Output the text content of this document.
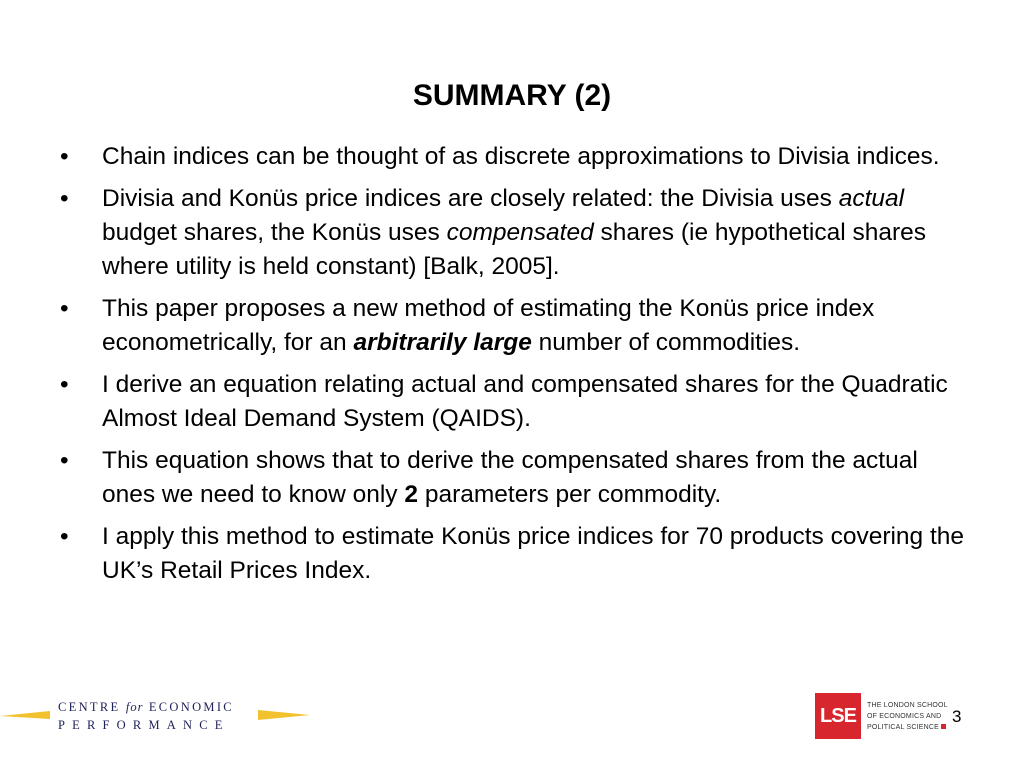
SUMMARY (2)
• Chain indices can be thought of as discrete approximations to Divisia indices.
• Divisia and Konüs price indices are closely related: the Divisia uses actual budget shares, the Konüs uses compensated shares (ie hypothetical shares where utility is held constant) [Balk, 2005].
• This paper proposes a new method of estimating the Konüs price index econometrically, for an arbitrarily large number of commodities.
• I derive an equation relating actual and compensated shares for the Quadratic Almost Ideal Demand System (QAIDS).
• This equation shows that to derive the compensated shares from the actual ones we need to know only 2 parameters per commodity.
• I apply this method to estimate Konüs price indices for 70 products covering the UK’s Retail Prices Index.
CENTRE for ECONOMIC
PERFORMANCE	LSE	THE LONDON SCHOOL
OF ECONOMICS AND
POLITICAL SCIENCE
3
